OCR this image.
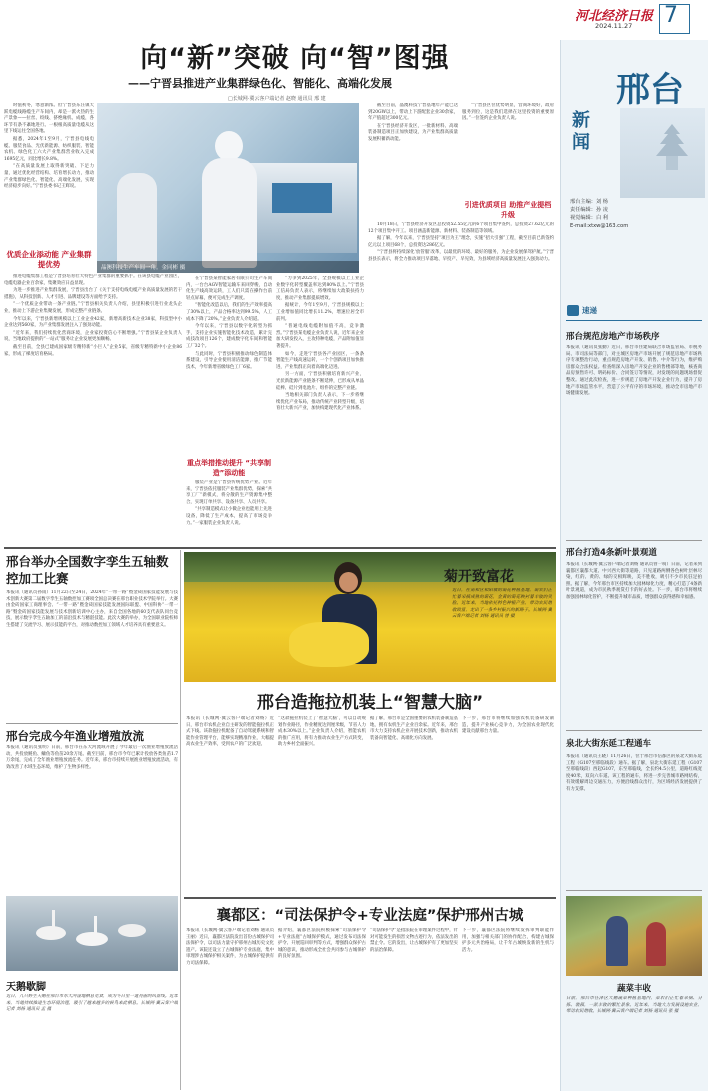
河北经济日报
2024.11.27 7
向“新”突破 向“智”图强
——宁晋县推进产业集群绿色化、智能化、高端化发展
□长城网·冀云客户端记者 赵晓 通讯员 邢 建	邢台
新闻
邢台主编：刘 杨
责任编辑：孙 凌
视觉编辑：白 利
E-mail:xtxw@163.com
速递
邢台规范房地产市场秩序
本报讯（通讯员张勤）近日，邢台市住建局联合市场监管局、市税务局、市司法局等部门，对主城区房地产市场开展了规范房地产市场秩序专项整治行动，重点规范房地产开发、销售、中介等行为，维护购房群众合法权益。检查组深入房地产开发企业的售楼部等地，核查商品房预售许可、明码标价、合同签订等情况，对发现的问题现场督促整改。通过此次检查，进一步规范了房地产开发企业行为，提升了房地产市场监管水平，营造了公平有序的市场环境，推动全市房地产市场健康发展。
邢台打造4条新叶景观道
本报讯（长城网·冀云客户端记者刘杨 通讯员曾一萌）日前，记者来到襄都区襄都大道、中兴西大街等道路，只见道路两侧各色树叶层林尽染，红的、黄的、绿的交相辉映，美不胜收，吸引不少市民驻足拍照。据了解，今年邢台市区持续加大园林绿化力度，精心打造了4条新叶景观道，成为市民秋季观赏打卡的好去处。下一步，邢台市将继续加强园林绿化管护，不断提升城市品质，增强群众获得感和幸福感。
泉北大街东延工程通车
本报讯（通讯员王晓）11月26日，位于邢台市信都区的泉北大街东延工程（G107至邢临线段）通车。据了解，泉北大街东延工程（G107至邢临线段）西起G107，东至邢临线，全长约4.5公里，道路红线宽度40米，双向六车道。该工程的通车，将进一步完善城市路网结构，有效缓解周边交通压力，方便沿线群众出行，为区域经济发展提供了有力支撑。
蔬菜丰收
日前，邢台市任泽区大棚蔬菜种植基地内，菜农们正忙着采摘、分拣、装箱，一派丰收的繁忙景象。近年来，当地大力发展设施农业，带动农民增收。长城网·冀云客户端记者 刘杨 通讯员 张 摄

时值初冬，寒意渐浓。但宁晋县东汪镇天跃电缆线路缆生产车间内，却是一派火热的生产景象——拉丝、绞线、挤绝缘机、成缆，各环节有条不紊地进行。一根根高质量电缆从这里下线运往全国各地。

据悉，2024年1至9月，宁晋县电线电缆、服装食品、光伏新能源、纺织服装、智能农机、绿色化工六大产业集群营业收入完成1695亿元，同比增长9.8%。

“在高质量发展上取得新突破、下足力量，通过优化经营结构、培育增长动力，推动产业集群绿色化、智能化、高端化发展，实现经济稳步向好。”宁晋县委书记王辉说。

优质企业添动能 产业集群提优势

推进电缆集群工程是宁晋县培育壮大特色产业集群的重要抓手。在该县电缆产业园区，电缆电器企业百余家，集聚效应日益显现。

为进一步推进产业集群发展，宁晋县出台了《关于支持电线电缆产业高质量发展的若干措施》，从科技创新、人才引进、品牌建设等方面给予支持。

“一个优质企业带动一条产业链。”宁晋县相关负责人介绍，县里积极引进行业龙头企业，推动上下游企业集聚发展，形成完整产业链条。

今年以来，宁晋县新增规模以上工业企业42家，新增高新技术企业38家，科技型中小企业达到560家，为产业集群发展注入了强劲动能。

“近年来，我们持续优化营商环境，企业家投资信心不断增强。”宁晋县某企业负责人说，当地政府提供的“一站式”服务让企业发展更加顺畅。

截至目前，全县已建成国家级专精特新“小巨人”企业5家，省级专精特新中小企业86家，形成了梯度培育格局。

晶澳科技生产车间一角。金同彬 摄

在宁晋县某智能家居有限公司生产车间内，一台台AGV智能运输车来回穿梭，自动化生产线高效运转，工人们只需在操作台前轻点屏幕，便可完成生产调度。

“智能化改造以后，我们的生产效率提高了30%以上，产品合格率达到99.5%，人工成本下降了20%。”企业负责人介绍道。

今年以来，宁晋县以数字化转型为抓手，支持企业实施智能化技术改造，累计完成技改项目126个，建成数字化车间和智能工厂32个。

与此同时，宁晋县积极推动绿色制造体系建设，引导企业使用清洁能源，推广节能技术，今年新增省级绿色工厂6家。

重点举措推动提升 “共享制造”添动能

服装产业是宁晋县传统优势产业。近年来，宁晋县依托服装产业集群优势，探索“共享工厂”新模式，将分散的生产资源集中整合，实现订单共享、设备共享、人员共享。

“共享制造模式让小微企业也能用上先进设备，降低了生产成本，提高了市场竞争力。”一家服装企业负责人说。

“力争到2025年，全县规模以上工业企业数字化转型覆盖率达到80%以上。”宁晋县工信局负责人表示，将继续加大政策扶持力度，推动产业集群提质增效。

据统计，今年1至9月，宁晋县规模以上工业增加值同比增长11.2%，增速位居全市前列。

“普通电线电缆附加值不高，竞争激烈。”宁晋县某电缆企业负责人说，近年来企业加大研发投入，主攻特种电缆，产品附加值显著提升。

如今，走进宁晋县各产业园区，一条条智能生产线高速运转，一个个创新项目加快推进，产业集群正向着高端化迈进。

另一方面，宁晋县积极培育新兴产业，光伏新能源产业链条不断延伸，已形成从单晶硅棒、硅片到电池片、组件的完整产业链。

当地相关部门负责人表示，下一步将继续优化产业布局，推动传统产业转型升级，培育壮大新兴产业，加快构建现代化产业体系。

截至目前，晶澳科技宁晋基地年产能已达到20GW以上，带动上下游配套企业30余家，年产值超过300亿元。

在宁晋县经济开发区，一批新材料、高端装备制造项目正加快建设，为产业集群高质量发展积蓄新动能。

“宁晋县区位优势明显，营商环境好，政府服务到位，这是我们选择在这里投资的重要原因。”一位签约企业负责人说。

引进优质项目 助推产业提档升级

10月18日，宁晋县经济开发区总投资52.55亿元的6个项目集中签约，总投资27.62亿元的12个项目集中开工。项目涵盖新能源、新材料、装备制造等领域。

据了解，今年以来，宁晋县坚持“项目为王”理念，实施“招大引强”工程，截至目前已新签约亿元以上项目68个，总投资达286亿元。

“宁晋县将持续深化‘放管服’改革，以最优的环境、最好的服务，为企业发展保驾护航。”宁晋县县长表示，将全力推动项目早落地、早投产、早见效，为县域经济高质量发展注入强劲动力。

邢台举办全国数字孪生五轴数控加工比赛
本报讯（通讯员孙雨）11月22日至24日，2024年“一带一路”暨金砖国家技能发展与技术创新大赛第二届数字孪生五轴数控加工赛项全国总决赛在邢台职业技术学院举行。大赛由金砖国家工商理事会、“一带一路”暨金砖国家技能发展国际联盟、中国科协“一带一路”暨金砖国家技能发展与技术创新培训中心主办，来自全国各地的60支代表队同台竞技，展示数字孪生五轴加工的前沿技术与精湛技能。此次大赛的举办，为全国职业院校师生搭建了交流学习、展示技能的平台，对推动数控加工领域人才培养具有重要意义。
邢台完成今年渔业增殖放流
本报讯（通讯员张明）日前，邢台市在东大河流域开展了今年最后一次渔业增殖放流活动，共投放鲢鱼、鳙鱼等鱼苗20余万尾。截至目前，邢台市今年已累计投放各类鱼苗1.7万余尾，完成了全年渔业增殖放流任务。近年来，邢台市持续开展渔业增殖放流活动，有效改善了水域生态环境，维护了生物多样性。
天鹅歇脚
近日，几只野生天鹅在邢台市东大河湿地栖息觅食，成为冬日里一道亮丽的风景线。近年来，当地持续推进生态环境治理，吸引了越来越多的候鸟来此栖息。长城网·冀云客户端记者 刘杨 通讯员 孟 摄
菊开致富花
近日，在南和区和阳镇的菊花种植基地，菊农们正忙着采摘成熟的菊花，金黄的菊花映衬着丰收的笑脸。近年来，当地依托特色种植产业，带动农民增收致富，走出了一条乡村振兴的新路子。长城网·冀云客户端记者 刘杨 通讯员 曾 摄
邢台造拖拉机装上“智慧大脑”
本报讯（长城网·冀云客户端记者刘杨）近日，邢台市农机企业自主研发的智能拖拉机正式下线。该款拖拉机配备了自动驾驶系统和智能作业管理平台，能够实现精准作业，大幅提高农业生产效率，受到农户的广泛欢迎。
“这款拖拉机装上了‘智慧大脑’，可以自动规划作业路径，作业精度达到厘米级，节省人力成本30%以上。”企业负责人介绍，智能农机的推广应用，将有力推动农业生产方式转变，助力乡村全面振兴。
据了解，邢台市是全国重要的农机装备制造基地，拥有农机生产企业百余家。近年来，邢台市大力支持农机企业开展技术创新，推动农机装备向智能化、高端化方向发展。
下一步，邢台市将继续加强农机装备研发制造，提升产业核心竞争力，为全国农业现代化建设贡献邢台力量。
襄都区：“司法保护令+专业法庭”保护邢州古城
本报讯（长城网·冀云客户端记者刘杨 通讯员王丽）近日，襄都区法院发出首份古城保护司法保护令，以司法力量守护邢州古城历史文化遗产。该院还设立了古城保护专业法庭，集中审理涉古城保护相关案件，为古城保护提供有力司法保障。
据介绍，襄都区法院积极探索“司法保护令+专业法庭”古城保护模式，通过发布司法保护令、开展巡回审判等方式，增强群众保护古城的意识，推动形成全社会共同参与古城保护的良好氛围。
“司法保护令”是指法院在审理案件过程中，针对可能发生的损害文物古迹行为，依法发出的禁止令。它的发出，让古城保护有了更加坚实的法治保障。
下一步，襄都区法院将继续发挥审判职能作用，加强与相关部门的协作配合，构建古城保护多元共治格局，让千年古城焕发新的生机与活力。
